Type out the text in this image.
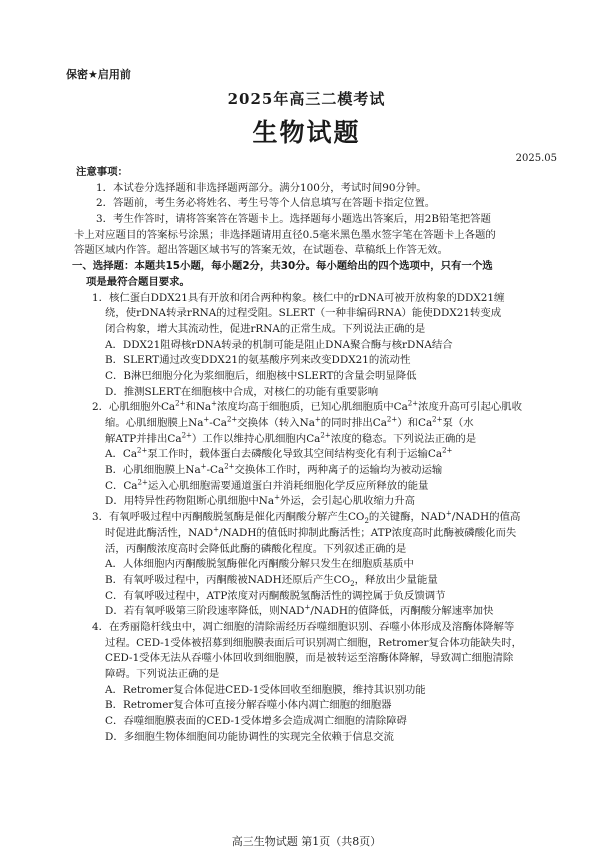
保密★启用前
2025年高三二模考试
生物试题
2025.05
注意事项：
1．本试卷分选择题和非选择题两部分。满分100分，考试时间90分钟。
2．答题前，考生务必将姓名、考生号等个人信息填写在答题卡指定位置。
3．考生作答时，请将答案答在答题卡上。选择题每小题选出答案后，用2B铅笔把答题
卡上对应题目的答案标号涂黑；非选择题请用直径0.5毫米黑色墨水签字笔在答题卡上各题的
答题区域内作答。超出答题区域书写的答案无效，在试题卷、草稿纸上作答无效。
一、选择题：本题共15小题，每小题2分，共30分。每小题给出的四个选项中，只有一个选
项是最符合题目要求。
1．核仁蛋白DDX21具有开放和闭合两种构象。核仁中的rDNA可被开放构象的DDX21缠
绕，使rDNA转录rRNA的过程受阻。SLERT（一种非编码RNA）能使DDX21转变成
闭合构象，增大其流动性，促进rRNA的正常生成。下列说法正确的是
A．DDX21阻碍核rDNA转录的机制可能是阻止DNA聚合酶与核rDNA结合
B．SLERT通过改变DDX21的氨基酸序列来改变DDX21的流动性
C．B淋巴细胞分化为浆细胞后，细胞核中SLERT的含量会明显降低
D．推测SLERT在细胞核中合成，对核仁的功能有重要影响
2．心肌细胞外$Ca^{2+}$和Na+浓度均高于细胞质，已知心肌细胞质中$Ca^{2+}$浓度升高可引起心肌收
缩。心肌细胞膜上$Na^+-Ca^{2+}$交换体（转入Na+的同时排出$Ca^{2+}$）和$Ca^{2+}$泵（水
解ATP并排出$Ca^{2+}$）工作以维持心肌细胞内$Ca^{2+}$浓度的稳态。下列说法正确的是
A．$Ca^{2+}$泵工作时，载体蛋白去磷酸化导致其空间结构变化有利于运输$Ca^{2+}$
B．心肌细胞膜上$Na^+-Ca^{2+}$交换体工作时，两种离子的运输均为被动运输
C．$Ca^{2+}$运入心肌细胞需要通道蛋白并消耗细胞化学反应所释放的能量
D．用特异性药物阻断心肌细胞中Na+外运，会引起心肌收缩力升高
3．有氧呼吸过程中丙酮酸脱氢酶是催化丙酮酸分解产生$CO_2$的关键酶，NAD+/NADH的值高
时促进此酶活性，NAD+/NADH的值低时抑制此酶活性；ATP浓度高时此酶被磷酸化而失
活，丙酮酸浓度高时会降低此酶的磷酸化程度。下列叙述正确的是
A．人体细胞内丙酮酸脱氢酶催化丙酮酸分解只发生在细胞质基质中
B．有氧呼吸过程中，丙酮酸被NADH还原后产生$CO_2$，释放出少量能量
C．有氧呼吸过程中，ATP浓度对丙酮酸脱氢酶活性的调控属于负反馈调节
D．若有氧呼吸第三阶段速率降低，则NAD+/NADH的值降低，丙酮酸分解速率加快
4．在秀丽隐杆线虫中，凋亡细胞的清除需经历吞噬细胞识别、吞噬小体形成及溶酶体降解等
过程。CED-1受体被招募到细胞膜表面后可识别凋亡细胞，Retromer复合体功能缺失时，
CED-1受体无法从吞噬小体回收到细胞膜，而是被转运至溶酶体降解，导致凋亡细胞清除
障碍。下列说法正确的是
A．Retromer复合体促进CED-1受体回收至细胞膜，维持其识别功能
B．Retromer复合体可直接分解吞噬小体内凋亡细胞的细胞器
C．吞噬细胞膜表面的CED-1受体增多会造成凋亡细胞的清除障碍
D．多细胞生物体细胞间功能协调性的实现完全依赖于信息交流
高三生物试题 第1页（共8页）
